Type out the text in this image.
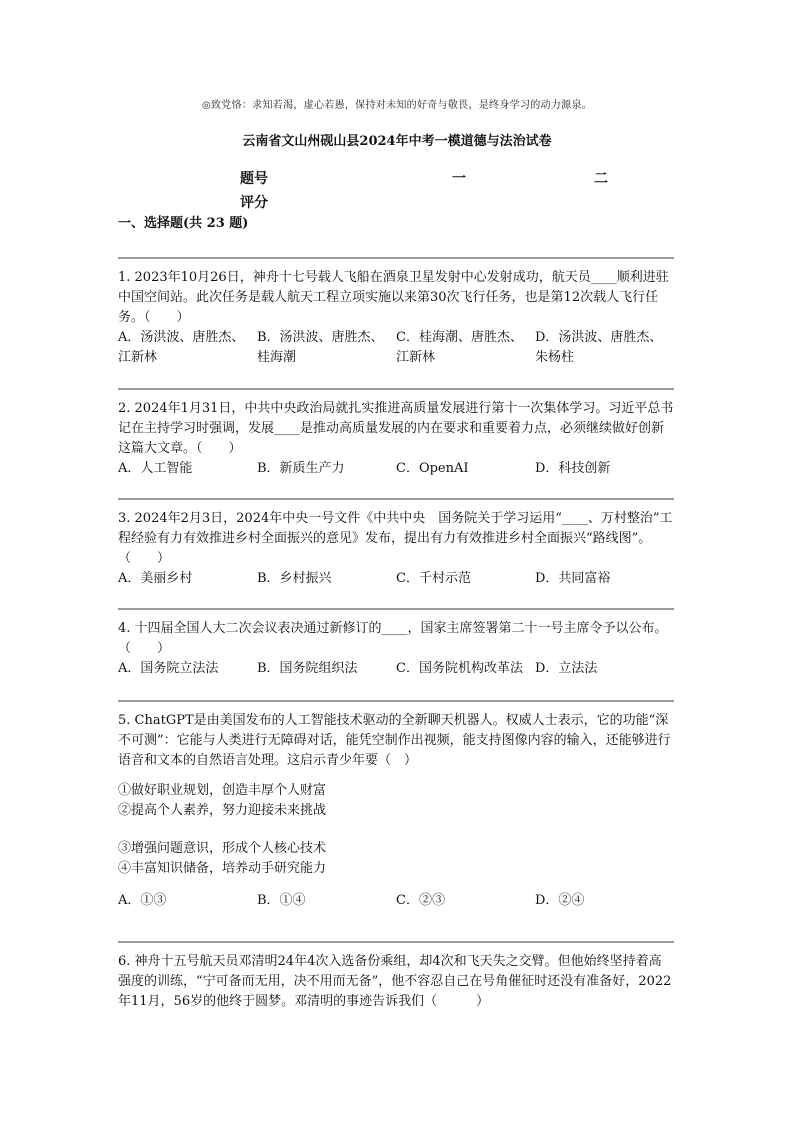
◎致党恪：求知若渴，虚心若愚，保持对未知的好奇与敬畏，是终身学习的动力源泉。
云南省文山州砚山县2024年中考一模道德与法治试卷
题号	一	二
评分
一、选择题(共 23 题)

1. 2023年10月26日，神舟十七号载人飞船在酒泉卫星发射中心发射成功，航天员____顺利进驻中国空间站。此次任务是载人航天工程立项实施以来第30次飞行任务，也是第12次载人飞行任务。（　　）

A．汤洪波、唐胜杰、江新林
B．汤洪波、唐胜杰、桂海潮
C．桂海潮、唐胜杰、江新林
D．汤洪波、唐胜杰、朱杨柱

2. 2024年1月31日，中共中央政治局就扎实推进高质量发展进行第十一次集体学习。习近平总书记在主持学习时强调，发展____是推动高质量发展的内在要求和重要着力点，必须继续做好创新这篇大文章。（　　）

A．人工智能	B．新质生产力	C．OpenAI	D．科技创新

3. 2024年2月3日，2024年中央一号文件《中共中央　国务院关于学习运用“____、万村整治”工程经验有力有效推进乡村全面振兴的意见》发布，提出有力有效推进乡村全面振兴“路线图”。（　　）

A．美丽乡村	B．乡村振兴	C．千村示范	D．共同富裕

4. 十四届全国人大二次会议表决通过新修订的____，国家主席签署第二十一号主席令予以公布。（　　）

A．国务院立法法	B．国务院组织法	C．国务院机构改革法 D．立法法

5. ChatGPT是由美国发布的人工智能技术驱动的全新聊天机器人。权威人士表示，它的功能“深不可测”：它能与人类进行无障碍对话，能凭空制作出视频，能支持图像内容的输入，还能够进行语音和文本的自然语言处理。这启示青少年要（　）

①做好职业规划，创造丰厚个人财富
②提高个人素养，努力迎接未来挑战
③增强问题意识，形成个人核心技术
④丰富知识储备，培养动手研究能力
A．①③	B．①④	C．②③	D．②④

6. 神舟十五号航天员邓清明24年4次入选备份乘组，却4次和飞天失之交臂。但他始终坚持着高强度的训练，“宁可备而无用，决不用而无备”，他不容忍自己在号角催征时还没有准备好，2022年11月，56岁的他终于圆梦。邓清明的事迹告诉我们（　　　）
